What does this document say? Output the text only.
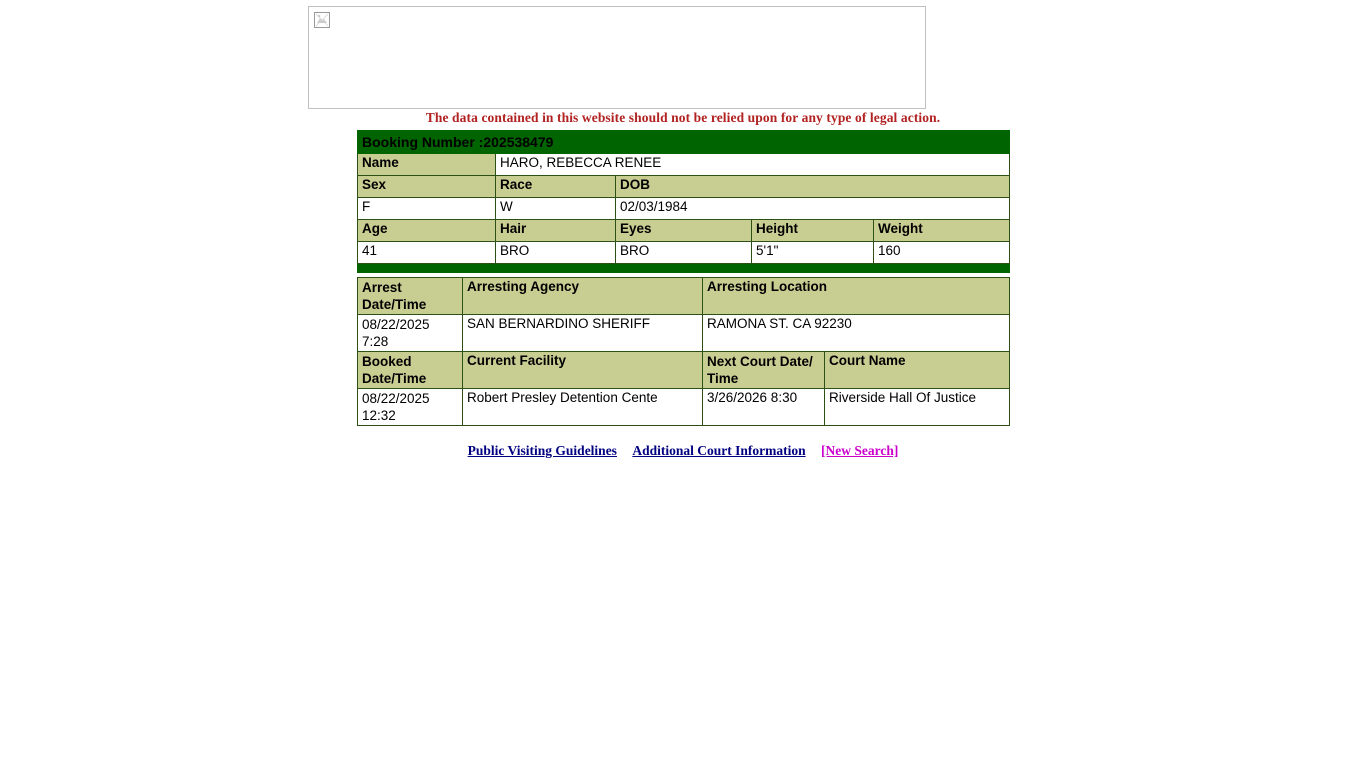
The data contained in this website should not be relied upon for any type of legal action.
Booking Number :202538479				
Name	HARO, REBECCA RENEE			
Sex	Race	DOB		
F	W	02/03/1984		
Age	Hair	Eyes	Height	Weight
41	BRO	BRO	5'1"	160

Arrest Date/Time	Arresting Agency	Arresting Location	
08/22/2025 7:28	SAN BERNARDINO SHERIFF	RAMONA ST. CA 92230	
Booked Date/Time	Current Facility	Next Court Date/ Time	Court Name
08/22/2025 12:32	Robert Presley Detention Cente	3/26/2026 8:30	Riverside Hall Of Justice
Public Visiting Guidelines Additional Court Information [New Search]
